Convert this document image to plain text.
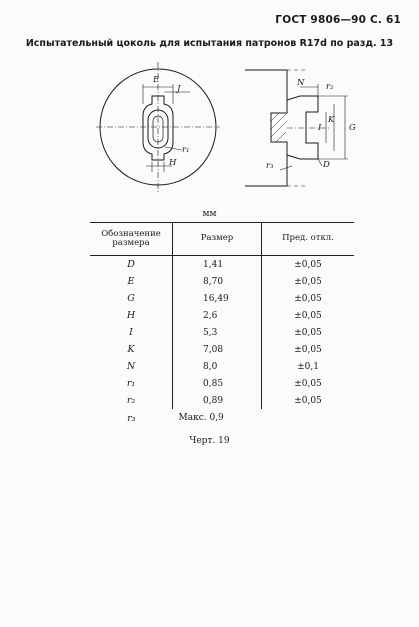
ГОСТ 9806—90 С. 61
Испытательный цоколь для испытания патронов R17d по разд. 13
E
J
r₁
H
N	r₂
I
K
G
r₃	D
мм
Обозначение размера	Размер	Пред. откл.
D	1,41	±0,05
E	8,70	±0,05
G	16,49	±0,05
H	2,6	±0,05
I	5,3	±0,05
K	7,08	±0,05
N	8,0	±0,1
r₁	0,85	±0,05
r₂	0,89	±0,05
r₃	Макс. 0,9	
Черт. 19
